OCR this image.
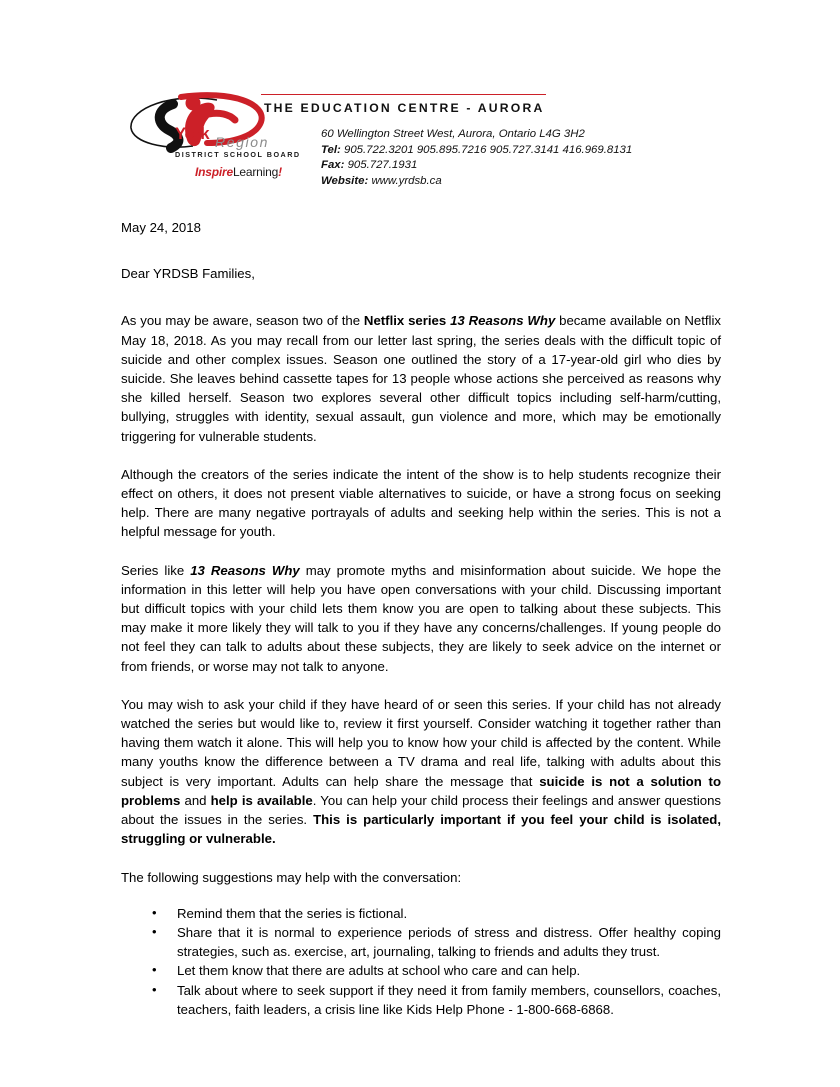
York Region
DISTRICT SCHOOL BOARD
InspireLearning!
THE EDUCATION CENTRE - AURORA
60 Wellington Street West, Aurora, Ontario L4G 3H2
Tel: 905.722.3201 905.895.7216 905.727.3141 416.969.8131
Fax: 905.727.1931
Website: www.yrdsb.ca
May 24, 2018
Dear YRDSB Families,

As you may be aware, season two of the Netflix series 13 Reasons Why became available on Netflix May 18, 2018. As you may recall from our letter last spring, the series deals with the difficult topic of suicide and other complex issues. Season one outlined the story of a 17-year-old girl who dies by suicide. She leaves behind cassette tapes for 13 people whose actions she perceived as reasons why she killed herself. Season two explores several other difficult topics including self-harm/cutting, bullying, struggles with identity, sexual assault, gun violence and more, which may be emotionally triggering for vulnerable students.

Although the creators of the series indicate the intent of the show is to help students recognize their effect on others, it does not present viable alternatives to suicide, or have a strong focus on seeking help. There are many negative portrayals of adults and seeking help within the series. This is not a helpful message for youth.

Series like 13 Reasons Why may promote myths and misinformation about suicide. We hope the information in this letter will help you have open conversations with your child. Discussing important but difficult topics with your child lets them know you are open to talking about these subjects. This may make it more likely they will talk to you if they have any concerns/challenges. If young people do not feel they can talk to adults about these subjects, they are likely to seek advice on the internet or from friends, or worse may not talk to anyone.

You may wish to ask your child if they have heard of or seen this series. If your child has not already watched the series but would like to, review it first yourself. Consider watching it together rather than having them watch it alone. This will help you to know how your child is affected by the content. While many youths know the difference between a TV drama and real life, talking with adults about this subject is very important. Adults can help share the message that suicide is not a solution to problems and help is available. You can help your child process their feelings and answer questions about the issues in the series. This is particularly important if you feel your child is isolated, struggling or vulnerable.

The following suggestions may help with the conversation:

• Remind them that the series is fictional.
• Share that it is normal to experience periods of stress and distress. Offer healthy coping strategies, such as. exercise, art, journaling, talking to friends and adults they trust.
• Let them know that there are adults at school who care and can help.
• Talk about where to seek support if they need it from family members, counsellors, coaches, teachers, faith leaders, a crisis line like Kids Help Phone - 1-800-668-6868.
